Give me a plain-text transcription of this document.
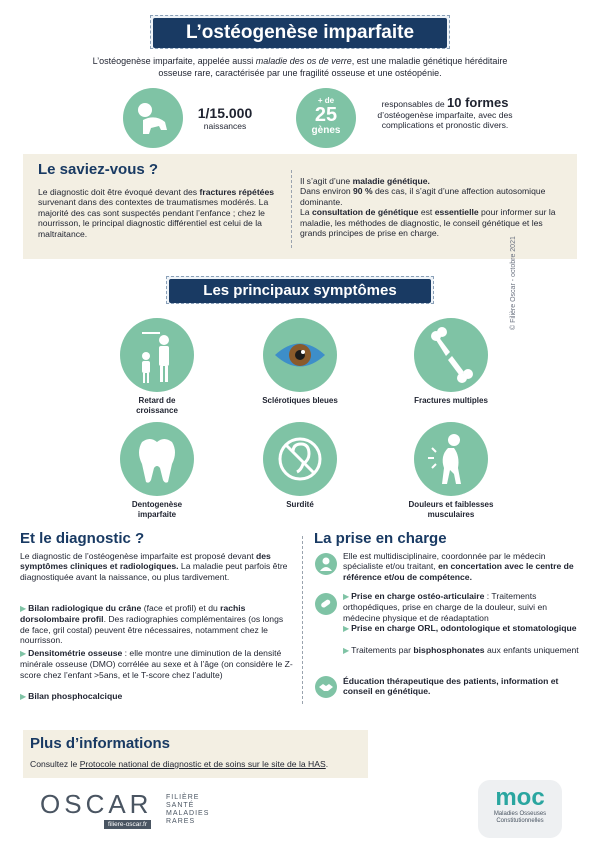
L’ostéogenèse imparfaite
L’ostéogenèse imparfaite, appelée aussi maladie des os de verre, est une maladie génétique héréditaire
osseuse rare, caractérisée par une fragilité osseuse et une ostéopénie.
1/15.000
naissances
+ de
25
gènes
responsables de 10 formes
d’ostéogenèse imparfaite, avec des
complications et pronostic divers.
Le saviez-vous ?
Le diagnostic doit être évoqué devant des fractures répétées survenant dans des contextes de traumatismes modérés. La majorité des cas sont suspectés pendant l’enfance ; chez le nourrisson, le principal diagnostic différentiel est celui de la maltraitance.
Il s’agit d’une maladie génétique.
Dans environ 90 % des cas, il s’agit d’une affection autosomique dominante.
La consultation de génétique est essentielle pour informer sur la maladie, les méthodes de diagnostic, le conseil génétique et les grands principes de prise en charge.
© Filière Oscar - octobre 2021
Les principaux symptômes
Retard de
croissance
Sclérotiques bleues	Fractures multiples
Dentogenèse
imparfaite
Surdité	Douleurs et faiblesses
musculaires
Et le diagnostic ?
Le diagnostic de l’ostéogenèse imparfaite est proposé devant des symptômes cliniques et radiologiques. La maladie peut parfois être diagnostiquée avant la naissance, ou plus tardivement.
▶ Bilan radiologique du crâne (face et profil) et du rachis dorsolombaire profil. Des radiographies complémentaires (os longs de face, gril costal) peuvent être nécessaires, notamment chez le nourrisson.
▶ Densitométrie osseuse : elle montre une diminution de la densité minérale osseuse (DMO) corrélée au sexe et à l’âge (on considère le Z-score chez l’enfant >5ans, et le T-score chez l’adulte)
▶ Bilan phosphocalcique
La prise en charge
Elle est multidisciplinaire, coordonnée par le médecin spécialiste et/ou traitant, en concertation avec le centre de référence et/ou de compétence.
▶ Prise en charge ostéo-articulaire : Traitements orthopédiques, prise en charge de la douleur, suivi en médecine physique et de réadaptation
▶ Prise en charge ORL, odontologique et stomatologique
▶ Traitements par bisphosphonates aux enfants uniquement
Éducation thérapeutique des patients, information et conseil en génétique.
Plus d’informations
Consultez le Protocole national de diagnostic et de soins sur le site de la HAS.
OSCAR
filiere-oscar.fr
FILIÈRE
SANTÉ
MALADIES
RARES
moc
Maladies Osseuses
Constitutionnelles
